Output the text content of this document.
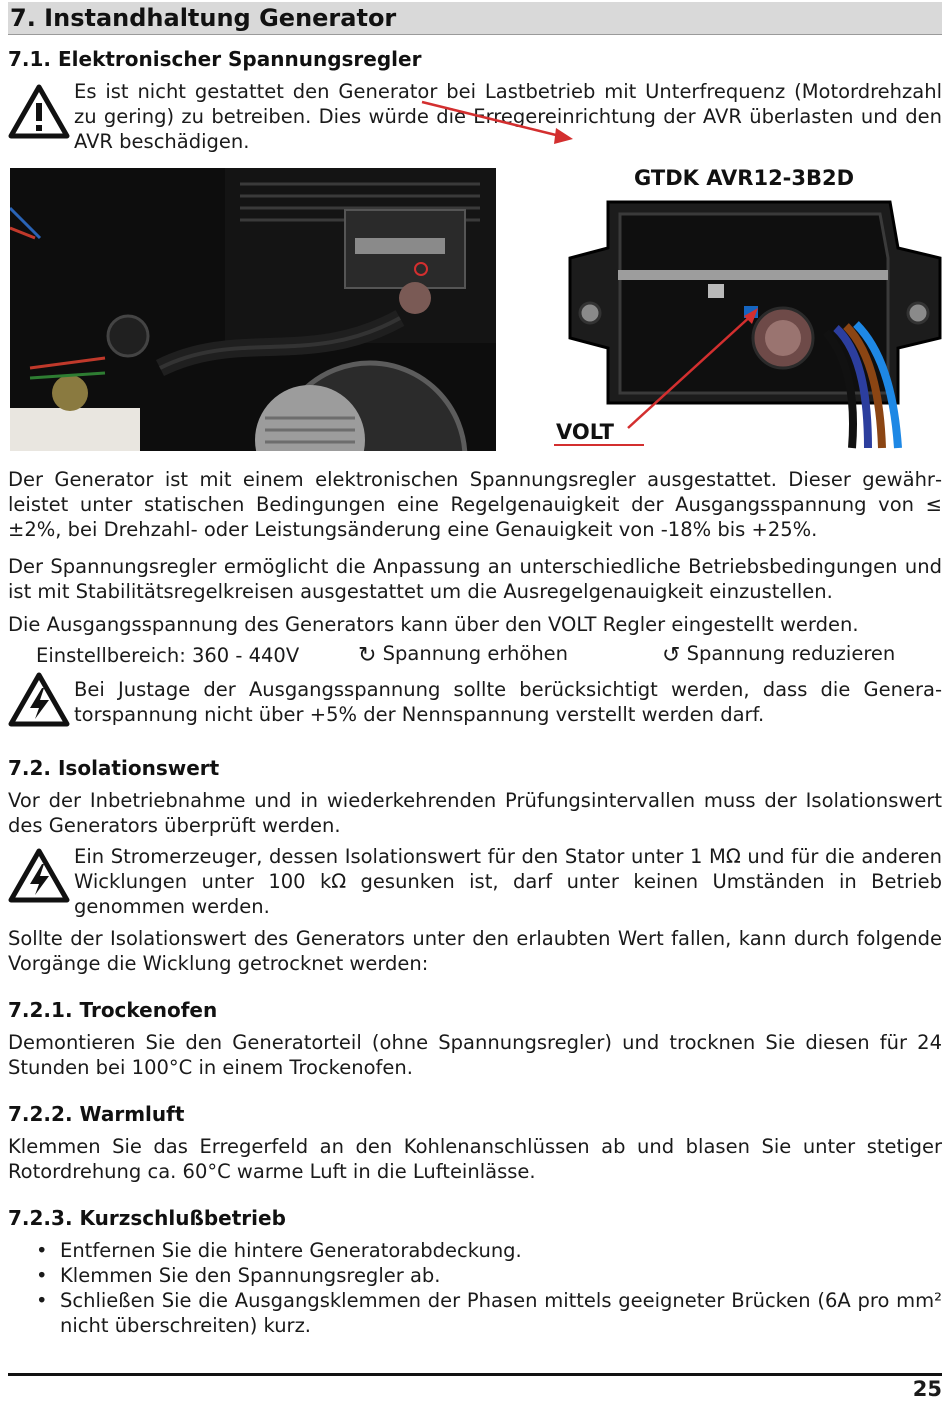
7. Instandhaltung Generator
7.1. Elektronischer Spannungsregler
Es ist nicht gestattet den Generator bei Lastbetrieb mit Unterfrequenz (Motordrehzahl zu gering) zu betreiben. Dies würde die Erregereinrichtung der AVR überlasten und den AVR beschädigen.
GTDK AVR12-3B2D
VOLT
Der Generator ist mit einem elektronischen Spannungsregler ausgestattet. Dieser gewährleistet unter statischen Bedingungen eine Regelgenauigkeit der Ausgangsspannung von ≤ ±2%, bei Drehzahl- oder Leistungsänderung eine Genauigkeit von -18% bis +25%.
Der Spannungsregler ermöglicht die Anpassung an unterschiedliche Betriebsbedingungen und ist mit Stabilitätsregelkreisen ausgestattet um die Ausregelgenauigkeit einzustellen.
Die Ausgangsspannung des Generators kann über den VOLT Regler eingestellt werden.
Einstellbereich: 360 - 440V	↻ Spannung erhöhen	↺ Spannung reduzieren
Bei Justage der Ausgangsspannung sollte berücksichtigt werden, dass die Generatorspannung nicht über +5% der Nennspannung verstellt werden darf.
7.2. Isolationswert
Vor der Inbetriebnahme und in wiederkehrenden Prüfungsintervallen muss der Isolationswert des Generators überprüft werden.
Ein Stromerzeuger, dessen Isolationswert für den Stator unter 1 MΩ und für die anderen Wicklungen unter 100 kΩ gesunken ist, darf unter keinen Umständen in Betrieb genommen werden.
Sollte der Isolationswert des Generators unter den erlaubten Wert fallen, kann durch folgende Vorgänge die Wicklung getrocknet werden:
7.2.1. Trockenofen
Demontieren Sie den Generatorteil (ohne Spannungsregler) und trocknen Sie diesen für 24 Stunden bei 100°C in einem Trockenofen.
7.2.2. Warmluft
Klemmen Sie das Erregerfeld an den Kohlenanschlüssen ab und blasen Sie unter stetiger Rotordrehung ca. 60°C warme Luft in die Lufteinlässe.
7.2.3. Kurzschlußbetrieb
• Entfernen Sie die hintere Generatorabdeckung.
• Klemmen Sie den Spannungsregler ab.
• Schließen Sie die Ausgangsklemmen der Phasen mittels geeigneter Brücken (6A pro mm² nicht überschreiten) kurz.
25
